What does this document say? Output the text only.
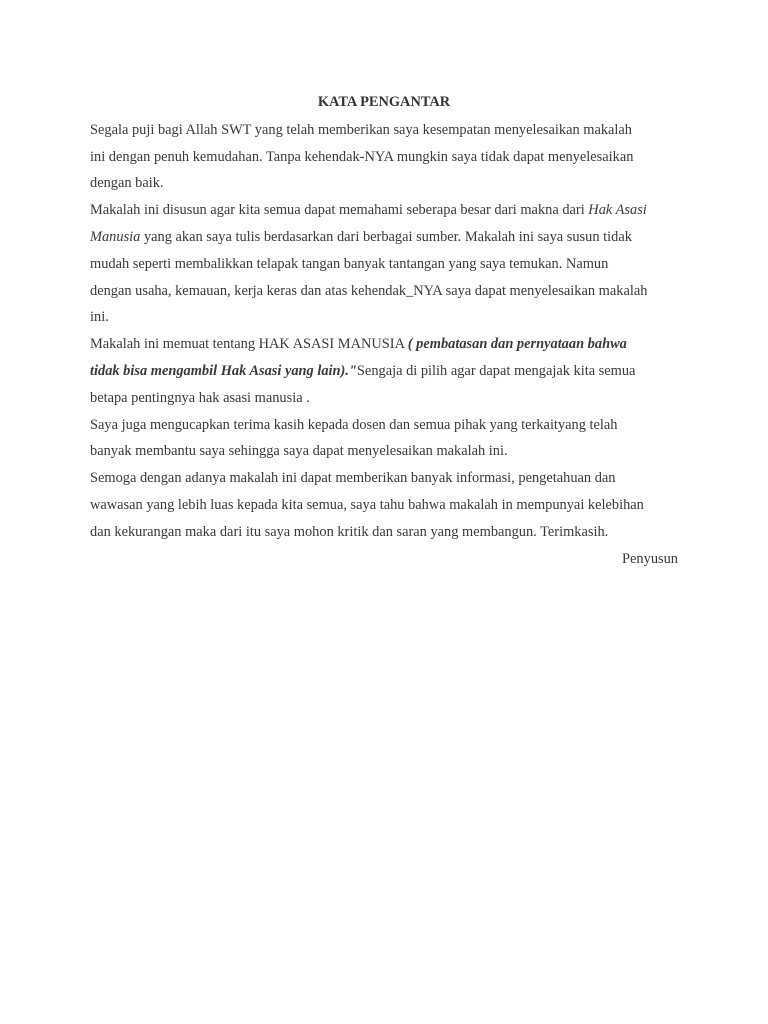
KATA PENGANTAR

Segala puji bagi Allah SWT yang telah memberikan saya kesempatan menyelesaikan makalah
ini dengan penuh kemudahan. Tanpa kehendak-NYA mungkin saya tidak dapat menyelesaikan
dengan baik.
Makalah ini disusun agar kita semua dapat memahami seberapa besar dari makna dari Hak Asasi
Manusia yang akan saya tulis berdasarkan dari berbagai sumber. Makalah ini saya susun tidak
mudah seperti membalikkan telapak tangan banyak tantangan yang saya temukan. Namun
dengan usaha, kemauan, kerja keras dan atas kehendak_NYA saya dapat menyelesaikan makalah
ini.
Makalah ini memuat tentang HAK ASASI MANUSIA ( pembatasan dan pernyataan bahwa
tidak bisa mengambil Hak Asasi yang lain)."Sengaja di pilih agar dapat mengajak kita semua
betapa pentingnya hak asasi manusia .
Saya juga mengucapkan terima kasih kepada dosen dan semua pihak yang terkaityang telah
banyak membantu saya sehingga saya dapat menyelesaikan makalah ini.
Semoga dengan adanya makalah ini dapat memberikan banyak informasi, pengetahuan dan
wawasan yang lebih luas kepada kita semua, saya tahu bahwa makalah in mempunyai kelebihan
dan kekurangan maka dari itu saya mohon kritik dan saran yang membangun. Terimkasih.

Penyusun
